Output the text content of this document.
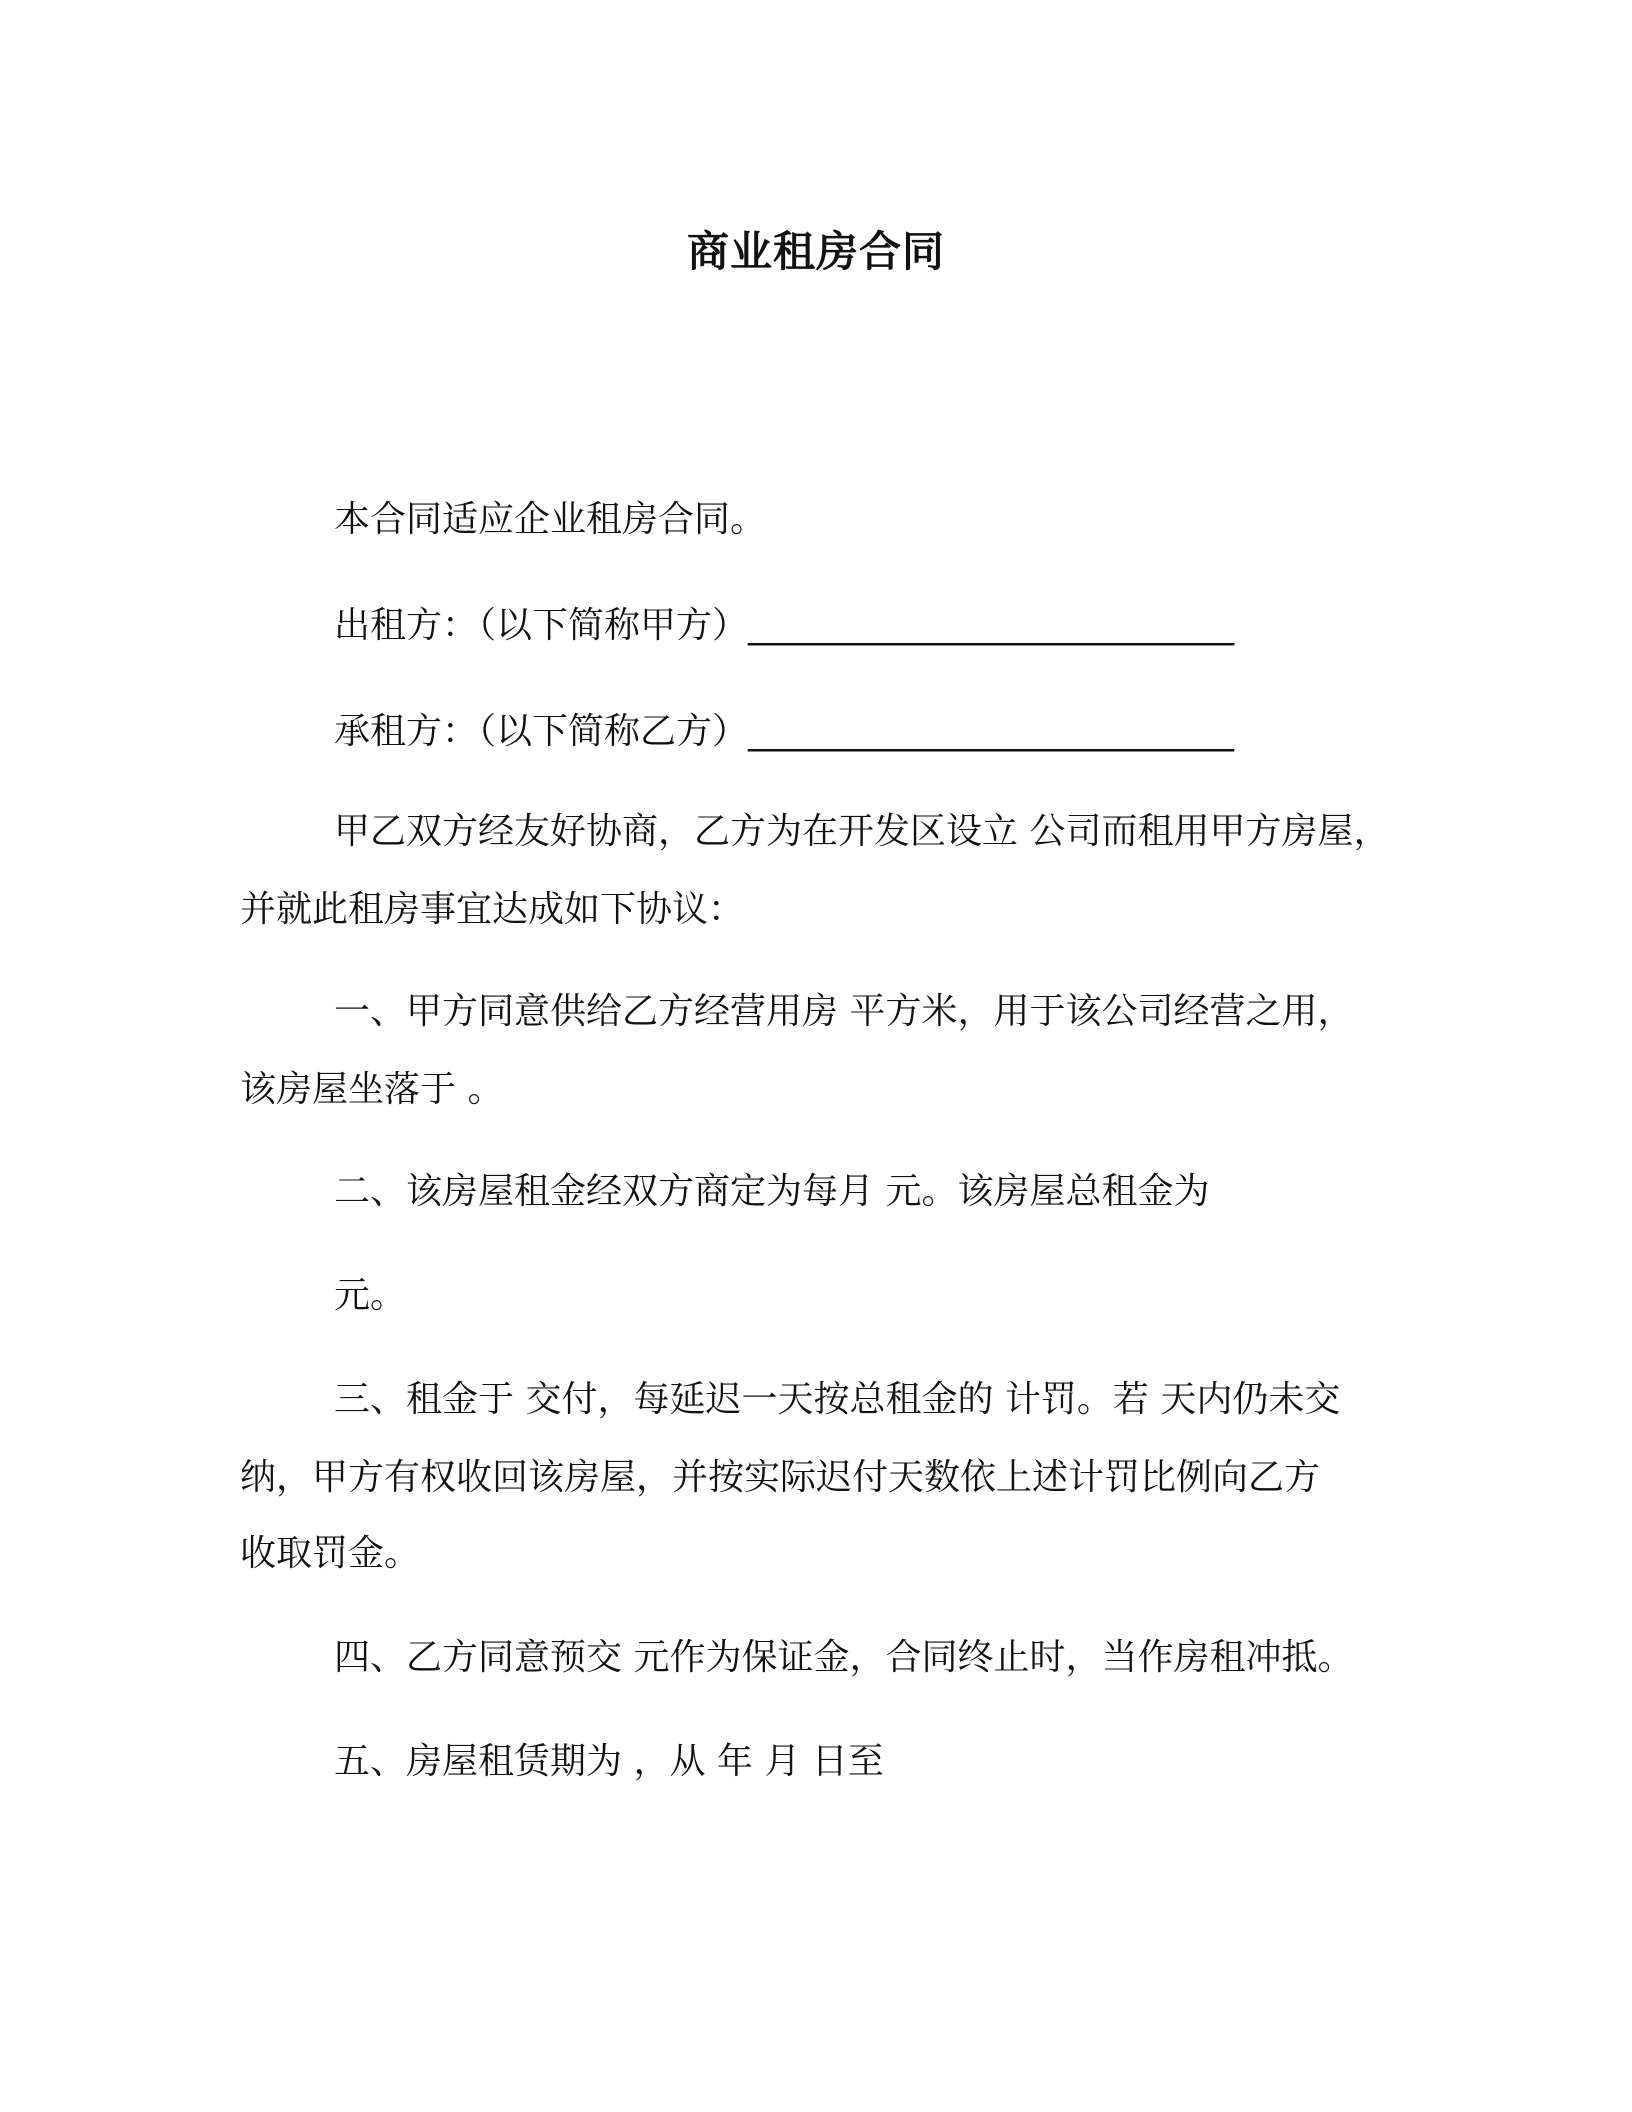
商业租房合同
本合同适应企业租房合同。
出租方：（以下简称甲方）___________________________
承租方：（以下简称乙方）___________________________
甲乙双方经友好协商，乙方为在开发区设立 公司而租用甲方房屋，
并就此租房事宜达成如下协议：
一、甲方同意供给乙方经营用房 平方米，用于该公司经营之用，
该房屋坐落于 。
二、该房屋租金经双方商定为每月 元。该房屋总租金为
元。
三、租金于 交付，每延迟一天按总租金的 计罚。若 天内仍未交
纳，甲方有权收回该房屋，并按实际迟付天数依上述计罚比例向乙方
收取罚金。
四、乙方同意预交 元作为保证金，合同终止时，当作房租冲抵。
五、房屋租赁期为 ，从 年 月 日至
